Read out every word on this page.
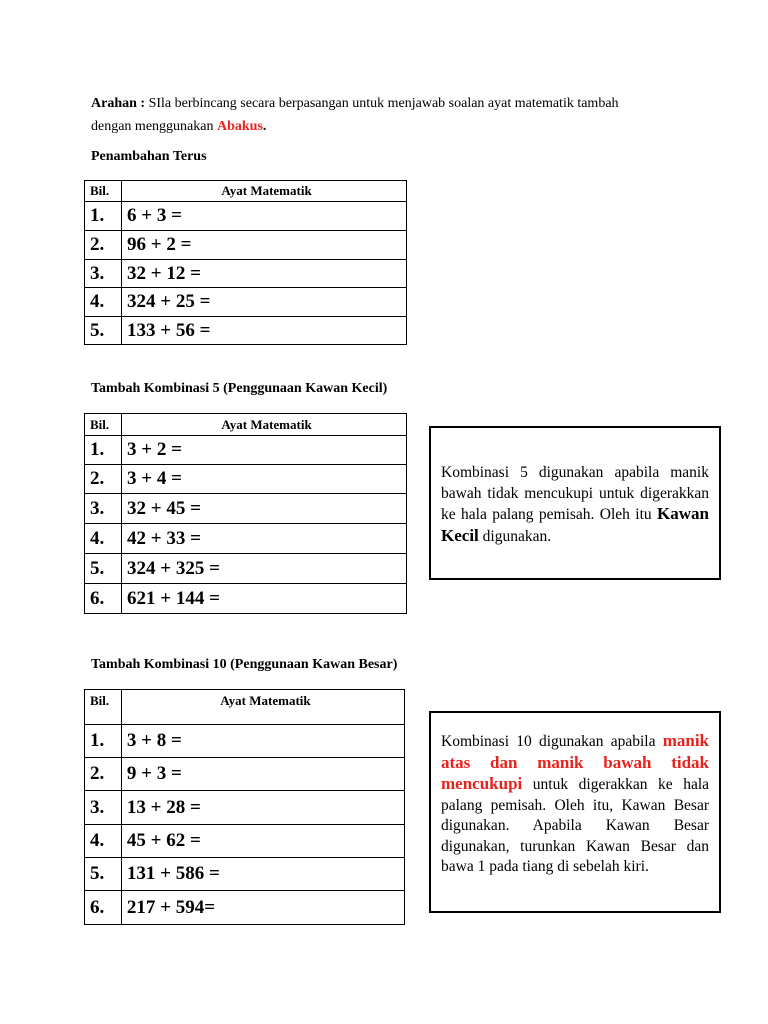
Arahan : SIla berbincang secara berpasangan untuk menjawab soalan ayat matematik tambah
dengan menggunakan Abakus.
Penambahan Terus
Bil.	Ayat Matematik
1.	6 + 3 =
2.	96 + 2 =
3.	32 + 12 =
4.	324 + 25 =
5.	133 + 56 =
Tambah Kombinasi 5 (Penggunaan Kawan Kecil)
Bil.	Ayat Matematik
1.	3 + 2 =
2.	3 + 4 =
3.	32 + 45 =
4.	42 + 33 =
5.	324 + 325 =
6.	621 + 144 =
Kombinasi 5 digunakan apabila manik bawah tidak mencukupi untuk digerakkan ke hala palang pemisah. Oleh itu Kawan Kecil digunakan.
Tambah Kombinasi 10 (Penggunaan Kawan Besar)
Bil.	Ayat Matematik
1.	3 + 8 =
2.	9 + 3 =
3.	13 + 28 =
4.	45 + 62 =
5.	131 + 586 =
6.	217 + 594=
Kombinasi 10 digunakan apabila manik atas dan manik bawah tidak mencukupi untuk digerakkan ke hala palang pemisah. Oleh itu, Kawan Besar digunakan. Apabila Kawan Besar digunakan, turunkan Kawan Besar dan bawa 1 pada tiang di sebelah kiri.
